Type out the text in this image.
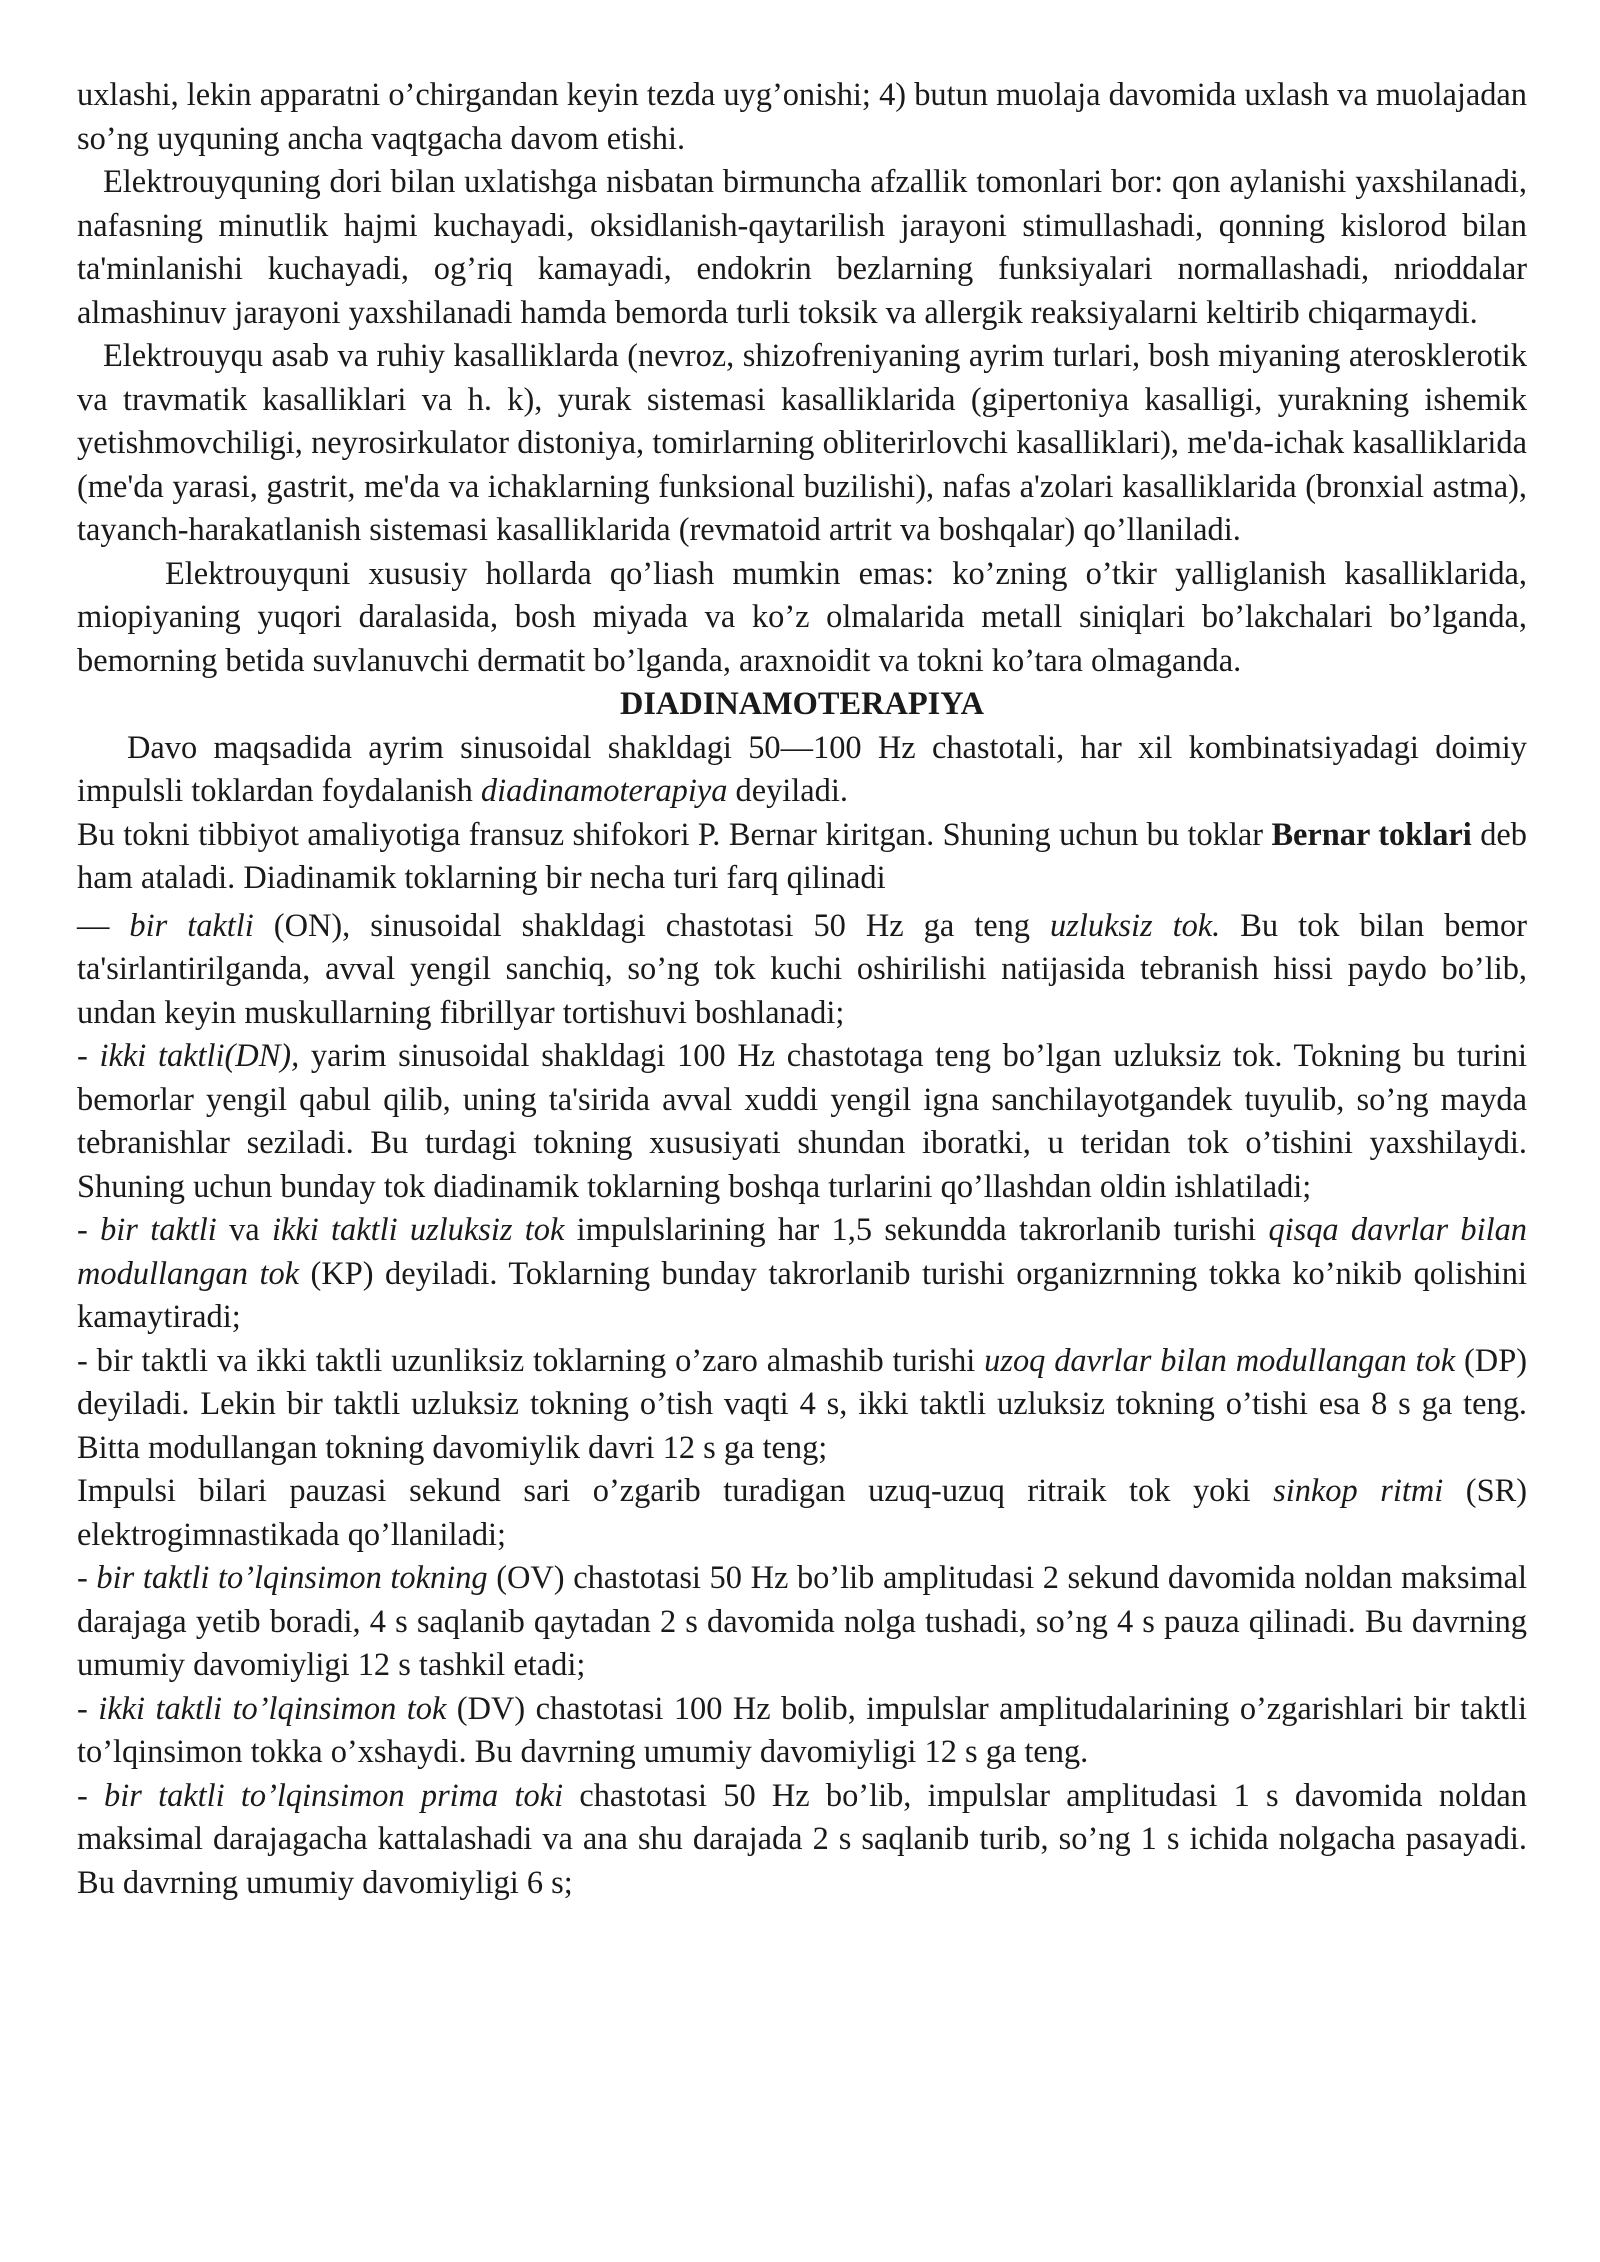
uxlashi, lekin apparatni o’chirgandan keyin tezda uyg’onishi; 4) butun muolaja davomida uxlash va muolajadan so’ng uyquning ancha vaqtgacha davom etishi.

Elektrouyquning dori bilan uxlatishga nisbatan birmuncha afzallik tomonlari bor: qon aylanishi yaxshilanadi, nafasning minutlik hajmi kuchayadi, oksidlanish-qaytarilish jarayoni stimullashadi, qonning kislorod bilan ta'minlanishi kuchayadi, og’riq kamayadi, endokrin bezlarning funksiyalari normallashadi, nrioddalar almashinuv jarayoni yaxshilanadi hamda bemorda turli toksik va allergik reaksiyalarni keltirib chiqarmaydi.

Elektrouyqu asab va ruhiy kasalliklarda (nevroz, shizofreniyaning ayrim turlari, bosh miyaning aterosklerotik va travmatik kasalliklari va h. k), yurak sistemasi kasalliklarida (gipertoniya kasalligi, yurakning ishemik yetishmovchiligi, neyrosirkulator distoniya, tomirlarning obliterirlovchi kasalliklari), me'da-ichak kasalliklarida (me'da yarasi, gastrit, me'da va ichaklarning funksional buzilishi), nafas a'zolari kasalliklarida (bronxial astma), tayanch-harakatlanish sistemasi kasalliklarida (revmatoid artrit va boshqalar) qo’llaniladi.

Elektrouyquni xususiy hollarda qo’liash mumkin emas: ko’zning o’tkir yalliglanish kasalliklarida, miopiyaning yuqori daralasida, bosh miyada va ko’z olmalarida metall siniqlari bo’lakchalari bo’lganda, bemorning betida suvlanuvchi dermatit bo’lganda, araxnoidit va tokni ko’tara olmaganda.

DIADINAMOTERAPIYA

Davo maqsadida ayrim sinusoidal shakldagi 50—100 Hz chastotali, har xil kombinatsiyadagi doimiy impulsli toklardan foydalanish diadinamoterapiya deyiladi.

Bu tokni tibbiyot amaliyotiga fransuz shifokori P. Bernar kiritgan. Shuning uchun bu toklar Bernar toklari deb ham ataladi. Diadinamik toklarning bir necha turi farq qilinadi

— bir taktli (ON), sinusoidal shakldagi chastotasi 50 Hz ga teng uzluksiz tok. Bu tok bilan bemor ta'sirlantirilganda, avval yengil sanchiq, so’ng tok kuchi oshirilishi natijasida tebranish hissi paydo bo’lib, undan keyin muskullarning fibrillyar tortishuvi boshlanadi;

- ikki taktli(DN), yarim sinusoidal shakldagi 100 Hz chastotaga teng bo’lgan uzluksiz tok. Tokning bu turini bemorlar yengil qabul qilib, uning ta'sirida avval xuddi yengil igna sanchilayotgandek tuyulib, so’ng mayda tebranishlar seziladi. Bu turdagi tokning xususiyati shundan iboratki, u teridan tok o’tishini yaxshilaydi. Shuning uchun bunday tok diadinamik toklarning boshqa turlarini qo’llashdan oldin ishlatiladi;

- bir taktli va ikki taktli uzluksiz tok impulslarining har 1,5 sekundda takrorlanib turishi qisqa davrlar bilan modullangan tok (KP) deyiladi. Toklarning bunday takrorlanib turishi organizrnning tokka ko’nikib qolishini kamaytiradi;

- bir taktli va ikki taktli uzunliksiz toklarning o’zaro almashib turishi uzoq davrlar bilan modullangan tok (DP) deyiladi. Lekin bir taktli uzluksiz tokning o’tish vaqti 4 s, ikki taktli uzluksiz tokning o’tishi esa 8 s ga teng. Bitta modullangan tokning davomiylik davri 12 s ga teng;

Impulsi bilari pauzasi sekund sari o’zgarib turadigan uzuq-uzuq ritraik tok yoki sinkop ritmi (SR) elektrogimnastikada qo’llaniladi;

- bir taktli to’lqinsimon tokning (OV) chastotasi 50 Hz bo’lib amplitudasi 2 sekund davomida noldan maksimal darajaga yetib boradi, 4 s saqlanib qaytadan 2 s davomida nolga tushadi, so’ng 4 s pauza qilinadi. Bu davrning umumiy davomiyligi 12 s tashkil etadi;

- ikki taktli to’lqinsimon tok (DV) chastotasi 100 Hz bolib, impulslar amplitudalarining o’zgarishlari bir taktli to’lqinsimon tokka o’xshaydi. Bu davrning umumiy davomiyligi 12 s ga teng.

- bir taktli to’lqinsimon prima toki chastotasi 50 Hz bo’lib, impulslar amplitudasi 1 s davomida noldan maksimal darajagacha kattalashadi va ana shu darajada 2 s saqlanib turib, so’ng 1 s ichida nolgacha pasayadi. Bu davrning umumiy davomiyligi 6 s;
